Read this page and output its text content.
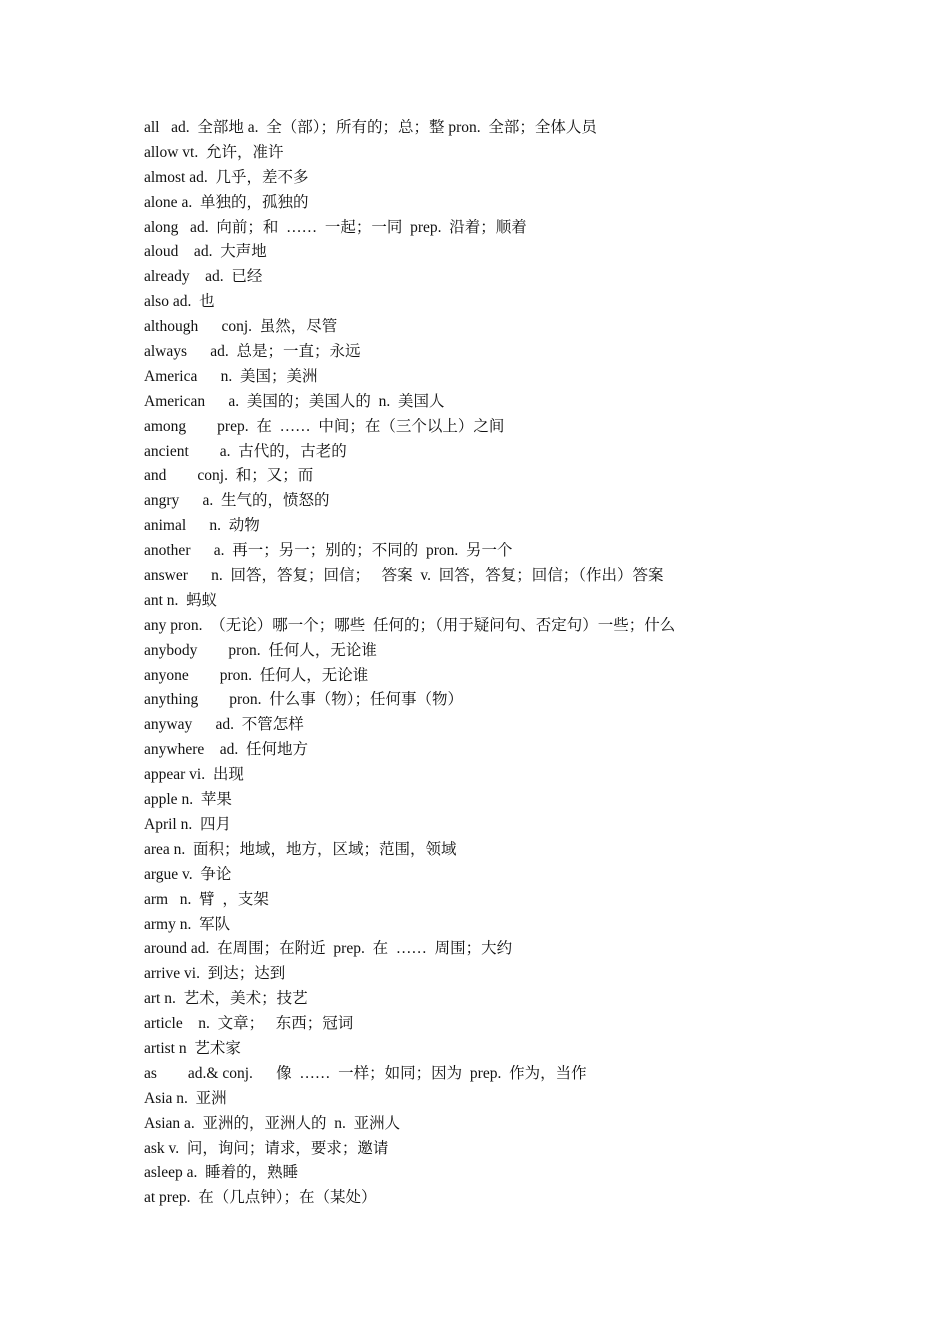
all   ad.  全部地 a.  全（部）；所有的；总；整 pron.  全部；全体人员
allow vt.  允许，准许
almost ad.  几乎，差不多
alone a.  单独的，孤独的
along   ad.  向前；和  ……  一起；一同  prep.  沿着；顺着
aloud    ad.  大声地
already    ad.  已经
also ad.  也
although      conj.  虽然，尽管
always      ad.  总是；一直；永远
America      n.  美国；美洲
American      a.  美国的；美国人的  n.  美国人
among        prep.  在  ……  中间；在（三个以上）之间
ancient        a.  古代的，古老的
and        conj.  和；又；而
angry      a.  生气的，愤怒的
animal      n.  动物
another      a.  再一；另一；别的；不同的  pron.  另一个
answer      n.  回答，答复；回信；   答案  v.  回答，答复；回信；（作出）答案
ant n.  蚂蚁
any pron.  （无论）哪一个；哪些  任何的；（用于疑问句、否定句）一些；什么
anybody        pron.  任何人，无论谁
anyone        pron.  任何人，无论谁
anything        pron.  什么事（物）；任何事（物）
anyway      ad.  不管怎样
anywhere    ad.  任何地方
appear vi.  出现
apple n.  苹果
April n.  四月
area n.  面积；地域，地方，区域；范围，领域
argue v.  争论
arm   n.  臂  ，支架
army n.  军队
around ad.  在周围；在附近  prep.  在  ……  周围；大约
arrive vi.  到达；达到
art n.  艺术，美术；技艺
article    n.  文章；   东西；冠词
artist n  艺术家
as        ad.& conj.      像  ……  一样；如同；因为  prep.  作为，当作
Asia n.  亚洲
Asian a.  亚洲的，亚洲人的  n.  亚洲人
ask v.  问，询问；请求，要求；邀请
asleep a.  睡着的，熟睡
at prep.  在（几点钟）；在（某处）
